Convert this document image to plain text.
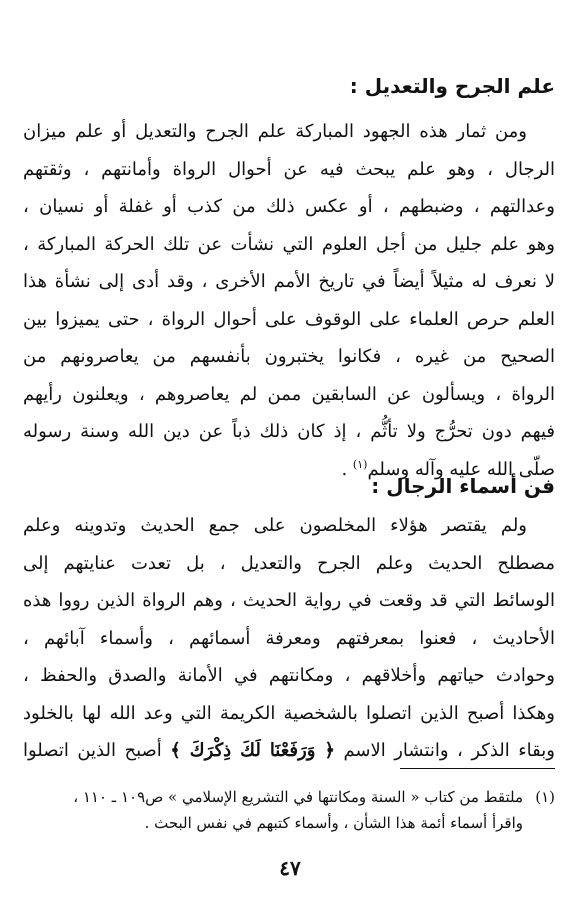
علم الجرح والتعديل :
ومن ثمار هذه الجهود المباركة علم الجرح والتعديل أو علم ميزان
الرجال ، وهو علم يبحث فيه عن أحوال الرواة وأمانتهم ، وثقتهم
وعدالتهم ، وضبطهم ، أو عكس ذلك من كذب أو غفلة أو نسيان ،
وهو علم جليل من أجل العلوم التي نشأت عن تلك الحركة المباركة ،
لا نعرف له مثيلاً أيضاً في تاريخ الأمم الأخرى ، وقد أدى إلى نشأة هذا
العلم حرص العلماء على الوقوف على أحوال الرواة ، حتى يميزوا بين
الصحيح من غيره ، فكانوا يختبرون بأنفسهم من يعاصرونهم من
الرواة ، ويسألون عن السابقين ممن لم يعاصروهم ، ويعلنون رأيهم
فيهم دون تحرُّج ولا تأثُّم ، إذ كان ذلك ذباً عن دين الله وسنة رسوله
صلّى الله عليه وآله وسلم$^{(١)}$ .
فن أسماء الرجال :
ولم يقتصر هؤلاء المخلصون على جمع الحديث وتدوينه وعلم
مصطلح الحديث وعلم الجرح والتعديل ، بل تعدت عنايتهم إلى
الوسائط التي قد وقعت في رواية الحديث ، وهم الرواة الذين رووا هذه
الأحاديث ، فعنوا بمعرفتهم ومعرفة أسمائهم ، وأسماء آبائهم ،
وحوادث حياتهم وأخلاقهم ، ومكانتهم في الأمانة والصدق والحفظ ،
وهكذا أصبح الذين اتصلوا بالشخصية الكريمة التي وعد الله لها بالخلود
وبقاء الذكر ، وانتشار الاسم ﴿ وَرَفَعْنَا لَكَ ذِكْرَكَ ﴾ أصبح الذين اتصلوا
(١)ملتقط من كتاب « السنة ومكانتها في التشريع الإسلامي » ص١٠٩ ـ ١١٠ ،
واقرأ أسماء أئمة هذا الشأن ، وأسماء كتبهم في نفس البحث .
٤٧
